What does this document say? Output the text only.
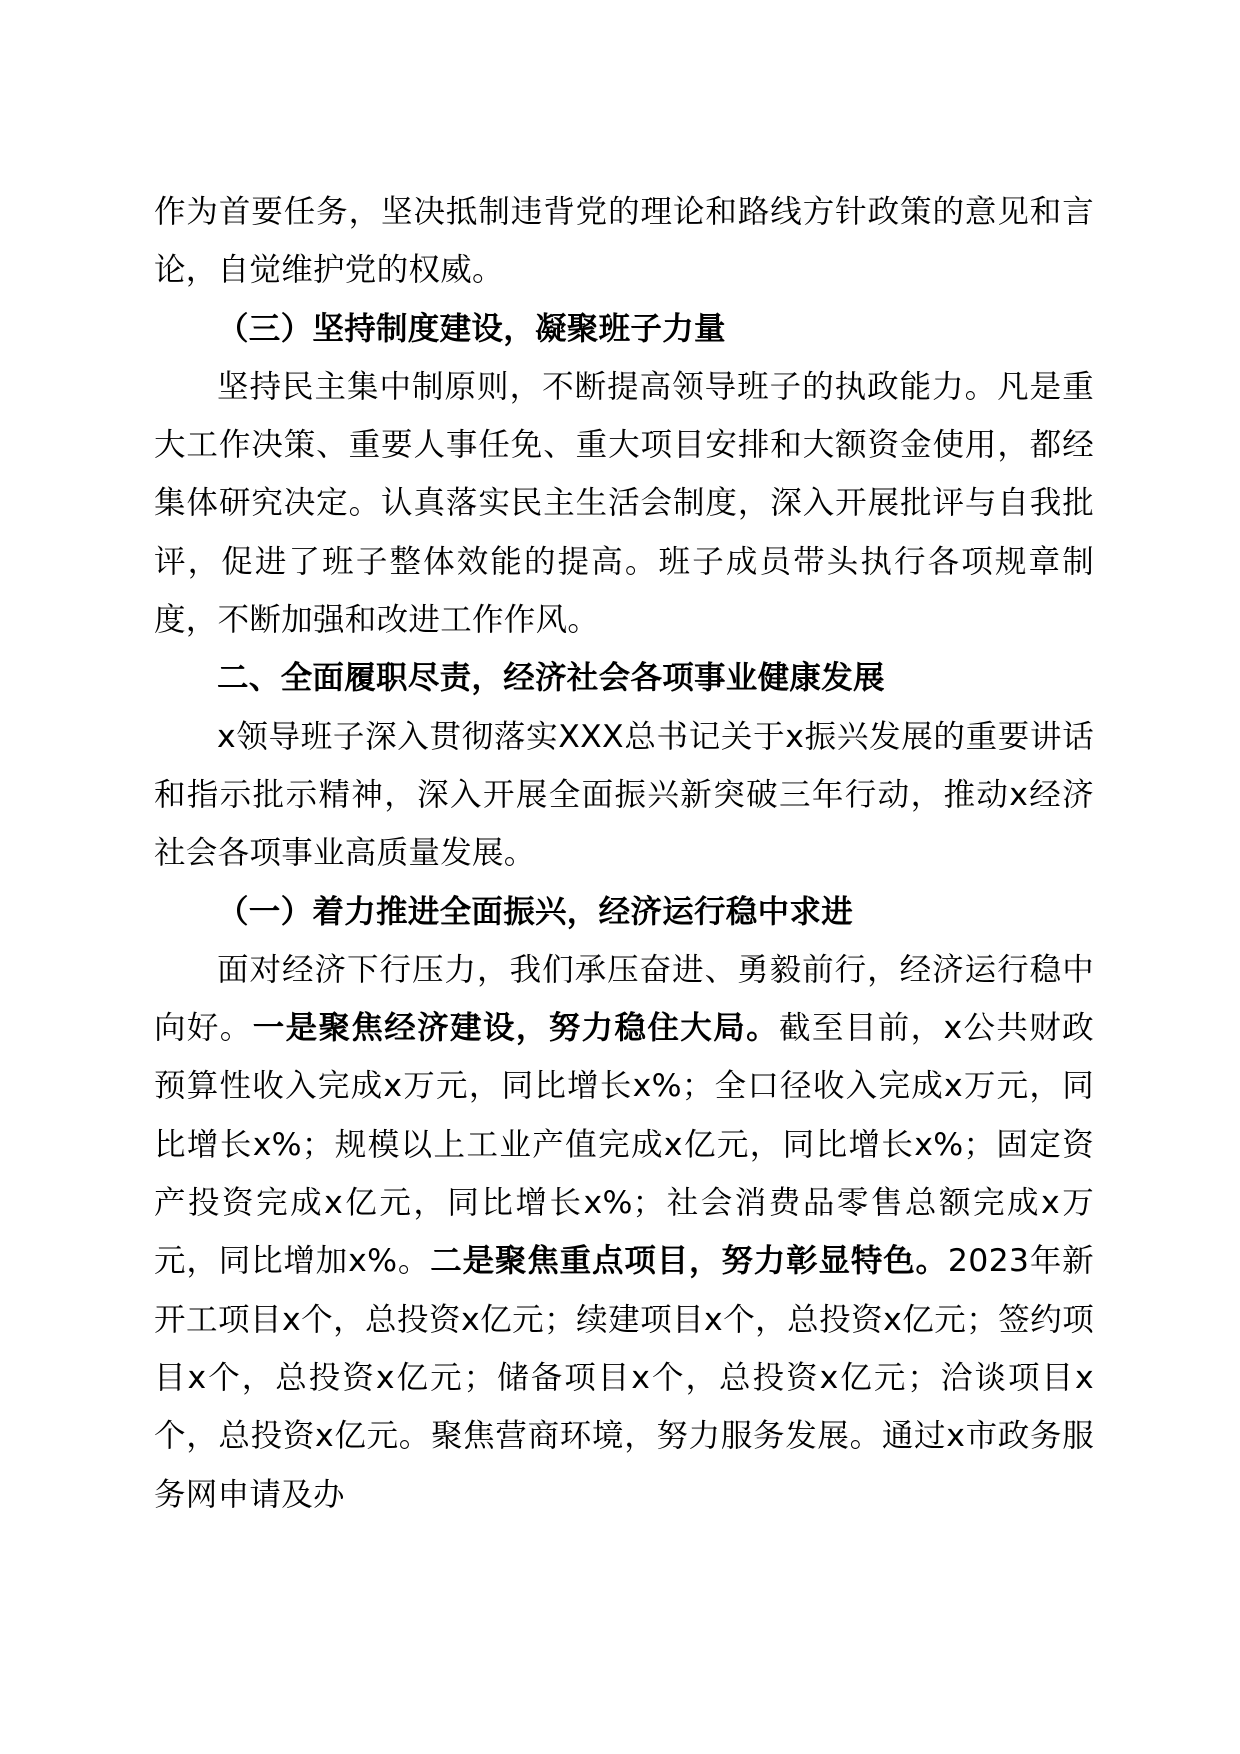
作为首要任务，坚决抵制违背党的理论和路线方针政策的意见和言论，自觉维护党的权威。

（三）坚持制度建设，凝聚班子力量

坚持民主集中制原则，不断提高领导班子的执政能力。凡是重大工作决策、重要人事任免、重大项目安排和大额资金使用，都经集体研究决定。认真落实民主生活会制度，深入开展批评与自我批评，促进了班子整体效能的提高。班子成员带头执行各项规章制度，不断加强和改进工作作风。

二、全面履职尽责，经济社会各项事业健康发展

x领导班子深入贯彻落实XXX总书记关于x振兴发展的重要讲话和指示批示精神，深入开展全面振兴新突破三年行动，推动x经济社会各项事业高质量发展。

（一）着力推进全面振兴，经济运行稳中求进

面对经济下行压力，我们承压奋进、勇毅前行，经济运行稳中向好。一是聚焦经济建设，努力稳住大局。截至目前，x公共财政预算性收入完成x万元，同比增长x%；全口径收入完成x万元，同比增长x%；规模以上工业产值完成x亿元，同比增长x%；固定资产投资完成x亿元，同比增长x%；社会消费品零售总额完成x万元，同比增加x%。二是聚焦重点项目，努力彰显特色。2023年新开工项目x个，总投资x亿元；续建项目x个，总投资x亿元；签约项目x个，总投资x亿元；储备项目x个，总投资x亿元；洽谈项目x个，总投资x亿元。聚焦营商环境，努力服务发展。通过x市政务服务网申请及办
